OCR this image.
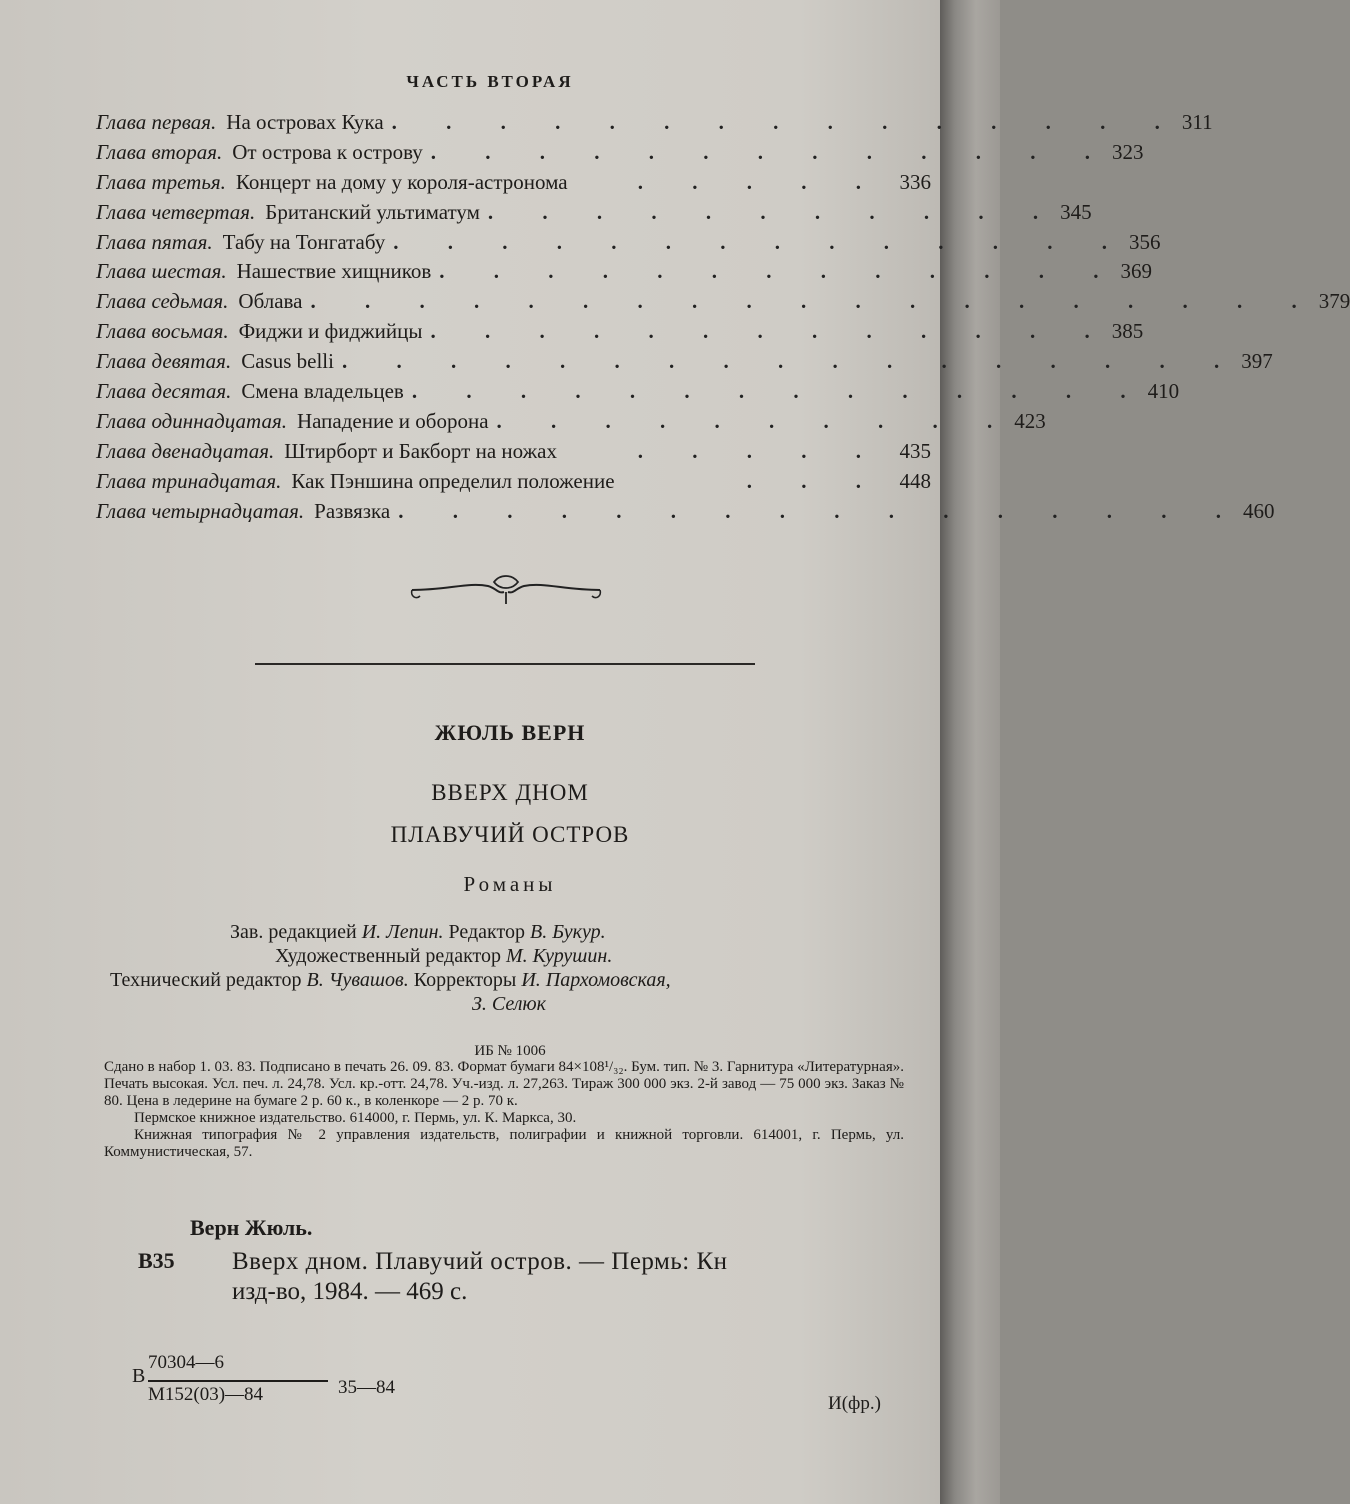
ЧАСТЬ ВТОРАЯ
Глава первая. На островах Кука . . . . . . . . . . . . . . . 311
Глава вторая. От острова к острову . . . . . . . . . . . . . 323
Глава третья. Концерт на дому у короля-астронома	. . . . . 336
Глава четвертая. Британский ультиматум . . . . . . . . . . . 345
Глава пятая. Табу на Тонгатабу . . . . . . . . . . . . . . 356
Глава шестая. Нашествие хищников . . . . . . . . . . . . . 369
Глава седьмая. Облава . . . . . . . . . . . . . . . . . . . 379
Глава восьмая. Фиджи и фиджийцы . . . . . . . . . . . . . 385
Глава девятая. Casus belli . . . . . . . . . . . . . . . . . 397
Глава десятая. Смена владельцев . . . . . . . . . . . . . . 410
Глава одиннадцатая. Нападение и оборона . . . . . . . . . . 423
Глава двенадцатая. Штирборт и Бакборт на ножах	. . . . . 435
Глава тринадцатая. Как Пэншина определил положение	. . . 448
Глава четырнадцатая. Развязка . . . . . . . . . . . . . . . . 460
ЖЮЛЬ ВЕРН
ВВЕРХ ДНОМ
ПЛАВУЧИЙ ОСТРОВ
Романы
Зав. редакцией И. Лепин. Редактор В. Букур.
Художественный редактор М. Курушин.
Технический редактор В. Чувашов. Корректоры И. Пархомовская,
З. Селюк
ИБ № 1006

Сдано в набор 1. 03. 83. Подписано в печать 26. 09. 83. Формат бумаги 84×108¹/₃₂. Бум. тип. № 3. Гарнитура «Литературная». Печать высокая. Усл. печ. л. 24,78. Усл. кр.-отт. 24,78. Уч.-изд. л. 27,263. Тираж 300 000 экз. 2-й завод — 75 000 экз. Заказ № 80. Цена в ледерине на бумаге 2 р. 60 к., в коленкоре — 2 р. 70 к.

Пермское книжное издательство. 614000, г. Пермь, ул. К. Маркса, 30.

Книжная типография № 2 управления издательств, полиграфии и книжной торговли. 614001, г. Пермь, ул. Коммунистическая, 57.

Верн Жюль.
В35 Вверх дном. Плавучий остров. — Пермь: Кн
изд-во, 1984. — 469 с.
В
70304—6
М152(03)—84	35—84
И(фр.)
